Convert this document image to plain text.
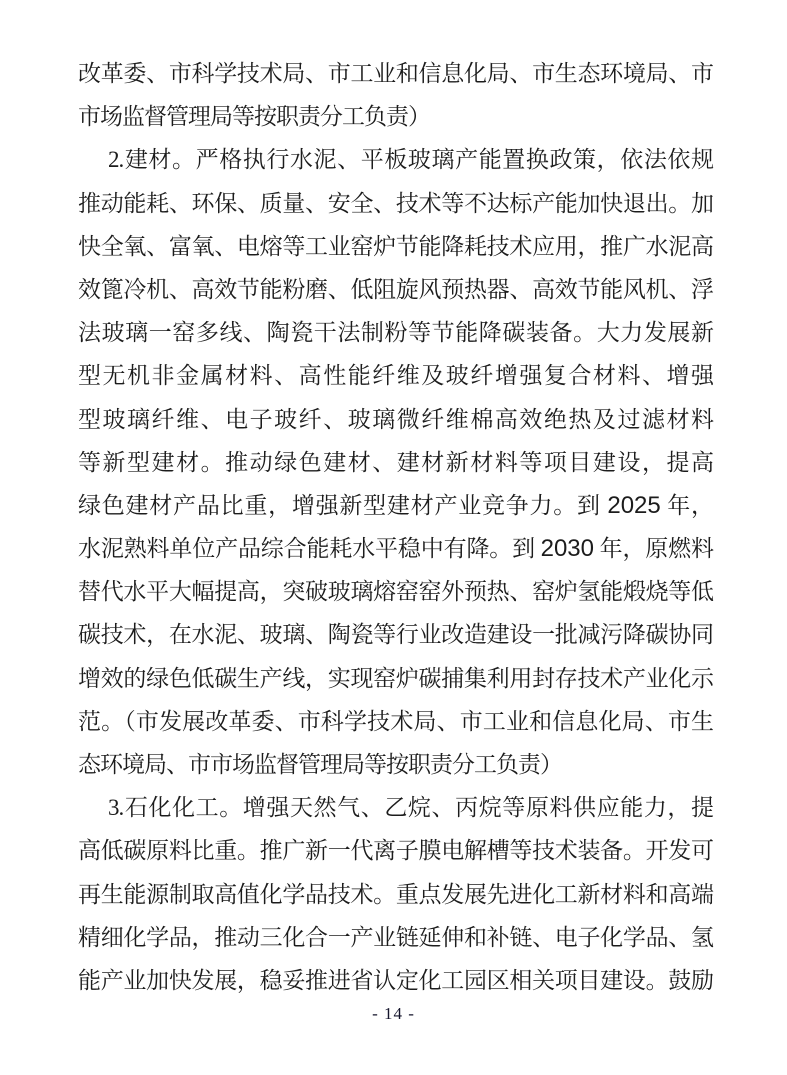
改革委、市科学技术局、市工业和信息化局、市生态环境局、市
市场监督管理局等按职责分工负责）
2.建材。严格执行水泥、平板玻璃产能置换政策，依法依规
推动能耗、环保、质量、安全、技术等不达标产能加快退出。加
快全氧、富氧、电熔等工业窑炉节能降耗技术应用，推广水泥高
效篦冷机、高效节能粉磨、低阻旋风预热器、高效节能风机、浮
法玻璃一窑多线、陶瓷干法制粉等节能降碳装备。大力发展新
型无机非金属材料、高性能纤维及玻纤增强复合材料、增强
型玻璃纤维、电子玻纤、玻璃微纤维棉高效绝热及过滤材料
等新型建材。推动绿色建材、建材新材料等项目建设，提高
绿色建材产品比重，增强新型建材产业竞争力。到 2025 年，
水泥熟料单位产品综合能耗水平稳中有降。到 2030 年，原燃料
替代水平大幅提高，突破玻璃熔窑窑外预热、窑炉氢能煅烧等低
碳技术，在水泥、玻璃、陶瓷等行业改造建设一批减污降碳协同
增效的绿色低碳生产线，实现窑炉碳捕集利用封存技术产业化示
范。（市发展改革委、市科学技术局、市工业和信息化局、市生
态环境局、市市场监督管理局等按职责分工负责）
3.石化化工。增强天然气、乙烷、丙烷等原料供应能力，提
高低碳原料比重。推广新一代离子膜电解槽等技术装备。开发可
再生能源制取高值化学品技术。重点发展先进化工新材料和高端
精细化学品，推动三化合一产业链延伸和补链、电子化学品、氢
能产业加快发展，稳妥推进省认定化工园区相关项目建设。鼓励
- 14 -
